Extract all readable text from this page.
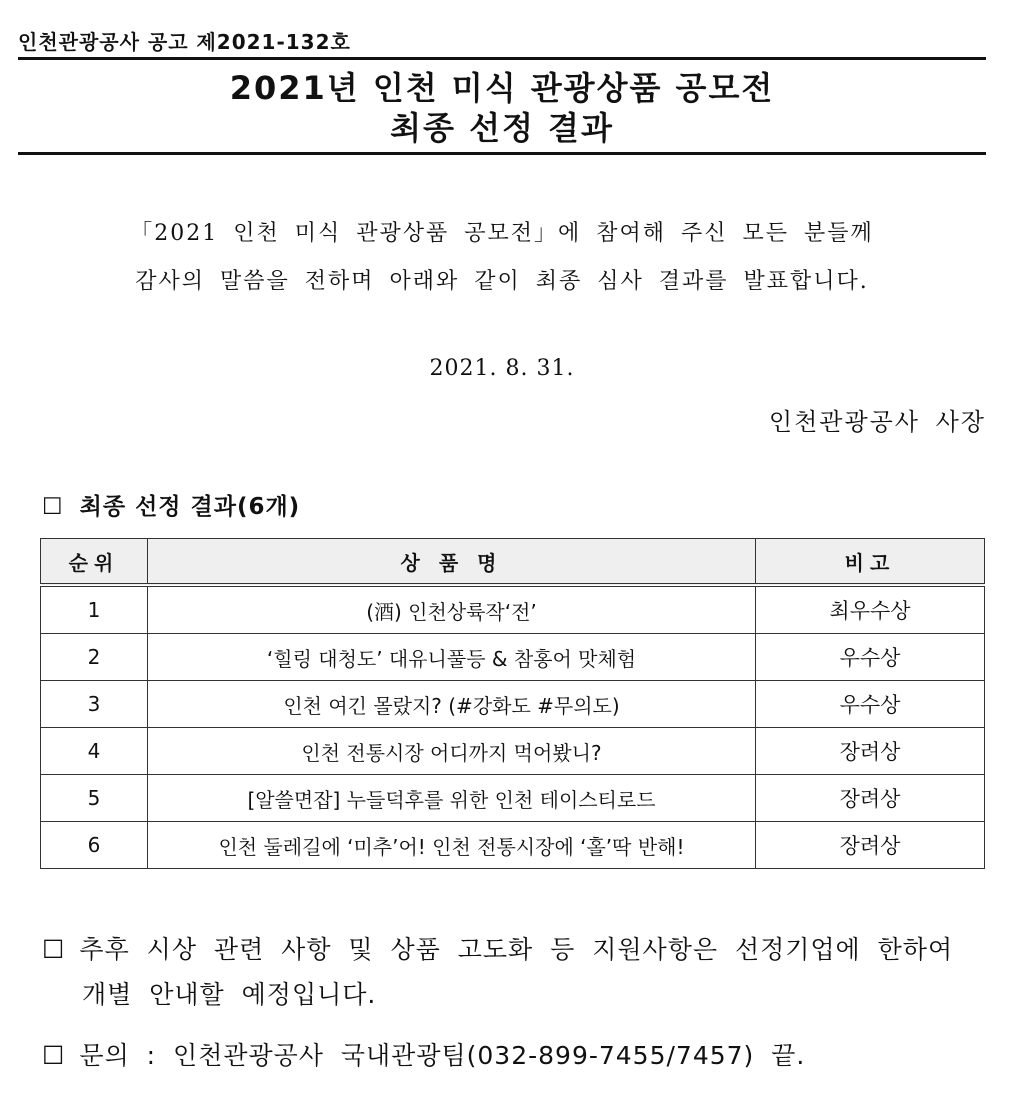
인천관광공사 공고 제2021-132호
2021년 인천 미식 관광상품 공모전
최종 선정 결과
「2021 인천 미식 관광상품 공모전」에 참여해 주신 모든 분들께
감사의 말씀을 전하며 아래와 같이 최종 심사 결과를 발표합니다.
2021. 8. 31.
인천관광공사 사장
☐ 최종 선정 결과(6개)
순위	상 품 명	비고
1	(酒) 인천상륙작‘전’	최우수상
2	‘힐링 대청도’ 대유니풀등 & 참홍어 맛체험	우수상
3	인천 여긴 몰랐지? (#강화도 #무의도)	우수상
4	인천 전통시장 어디까지 먹어봤니?	장려상
5	[알쓸면잡] 누들덕후를 위한 인천 테이스티로드	장려상
6	인천 둘레길에 ‘미추’어! 인천 전통시장에 ‘홀’딱 반해!	장려상
☐ 추후 시상 관련 사항 및 상품 고도화 등 지원사항은 선정기업에 한하여
개별 안내할 예정입니다.
☐ 문의 : 인천관광공사 국내관광팀(032-899-7455/7457) 끝.
